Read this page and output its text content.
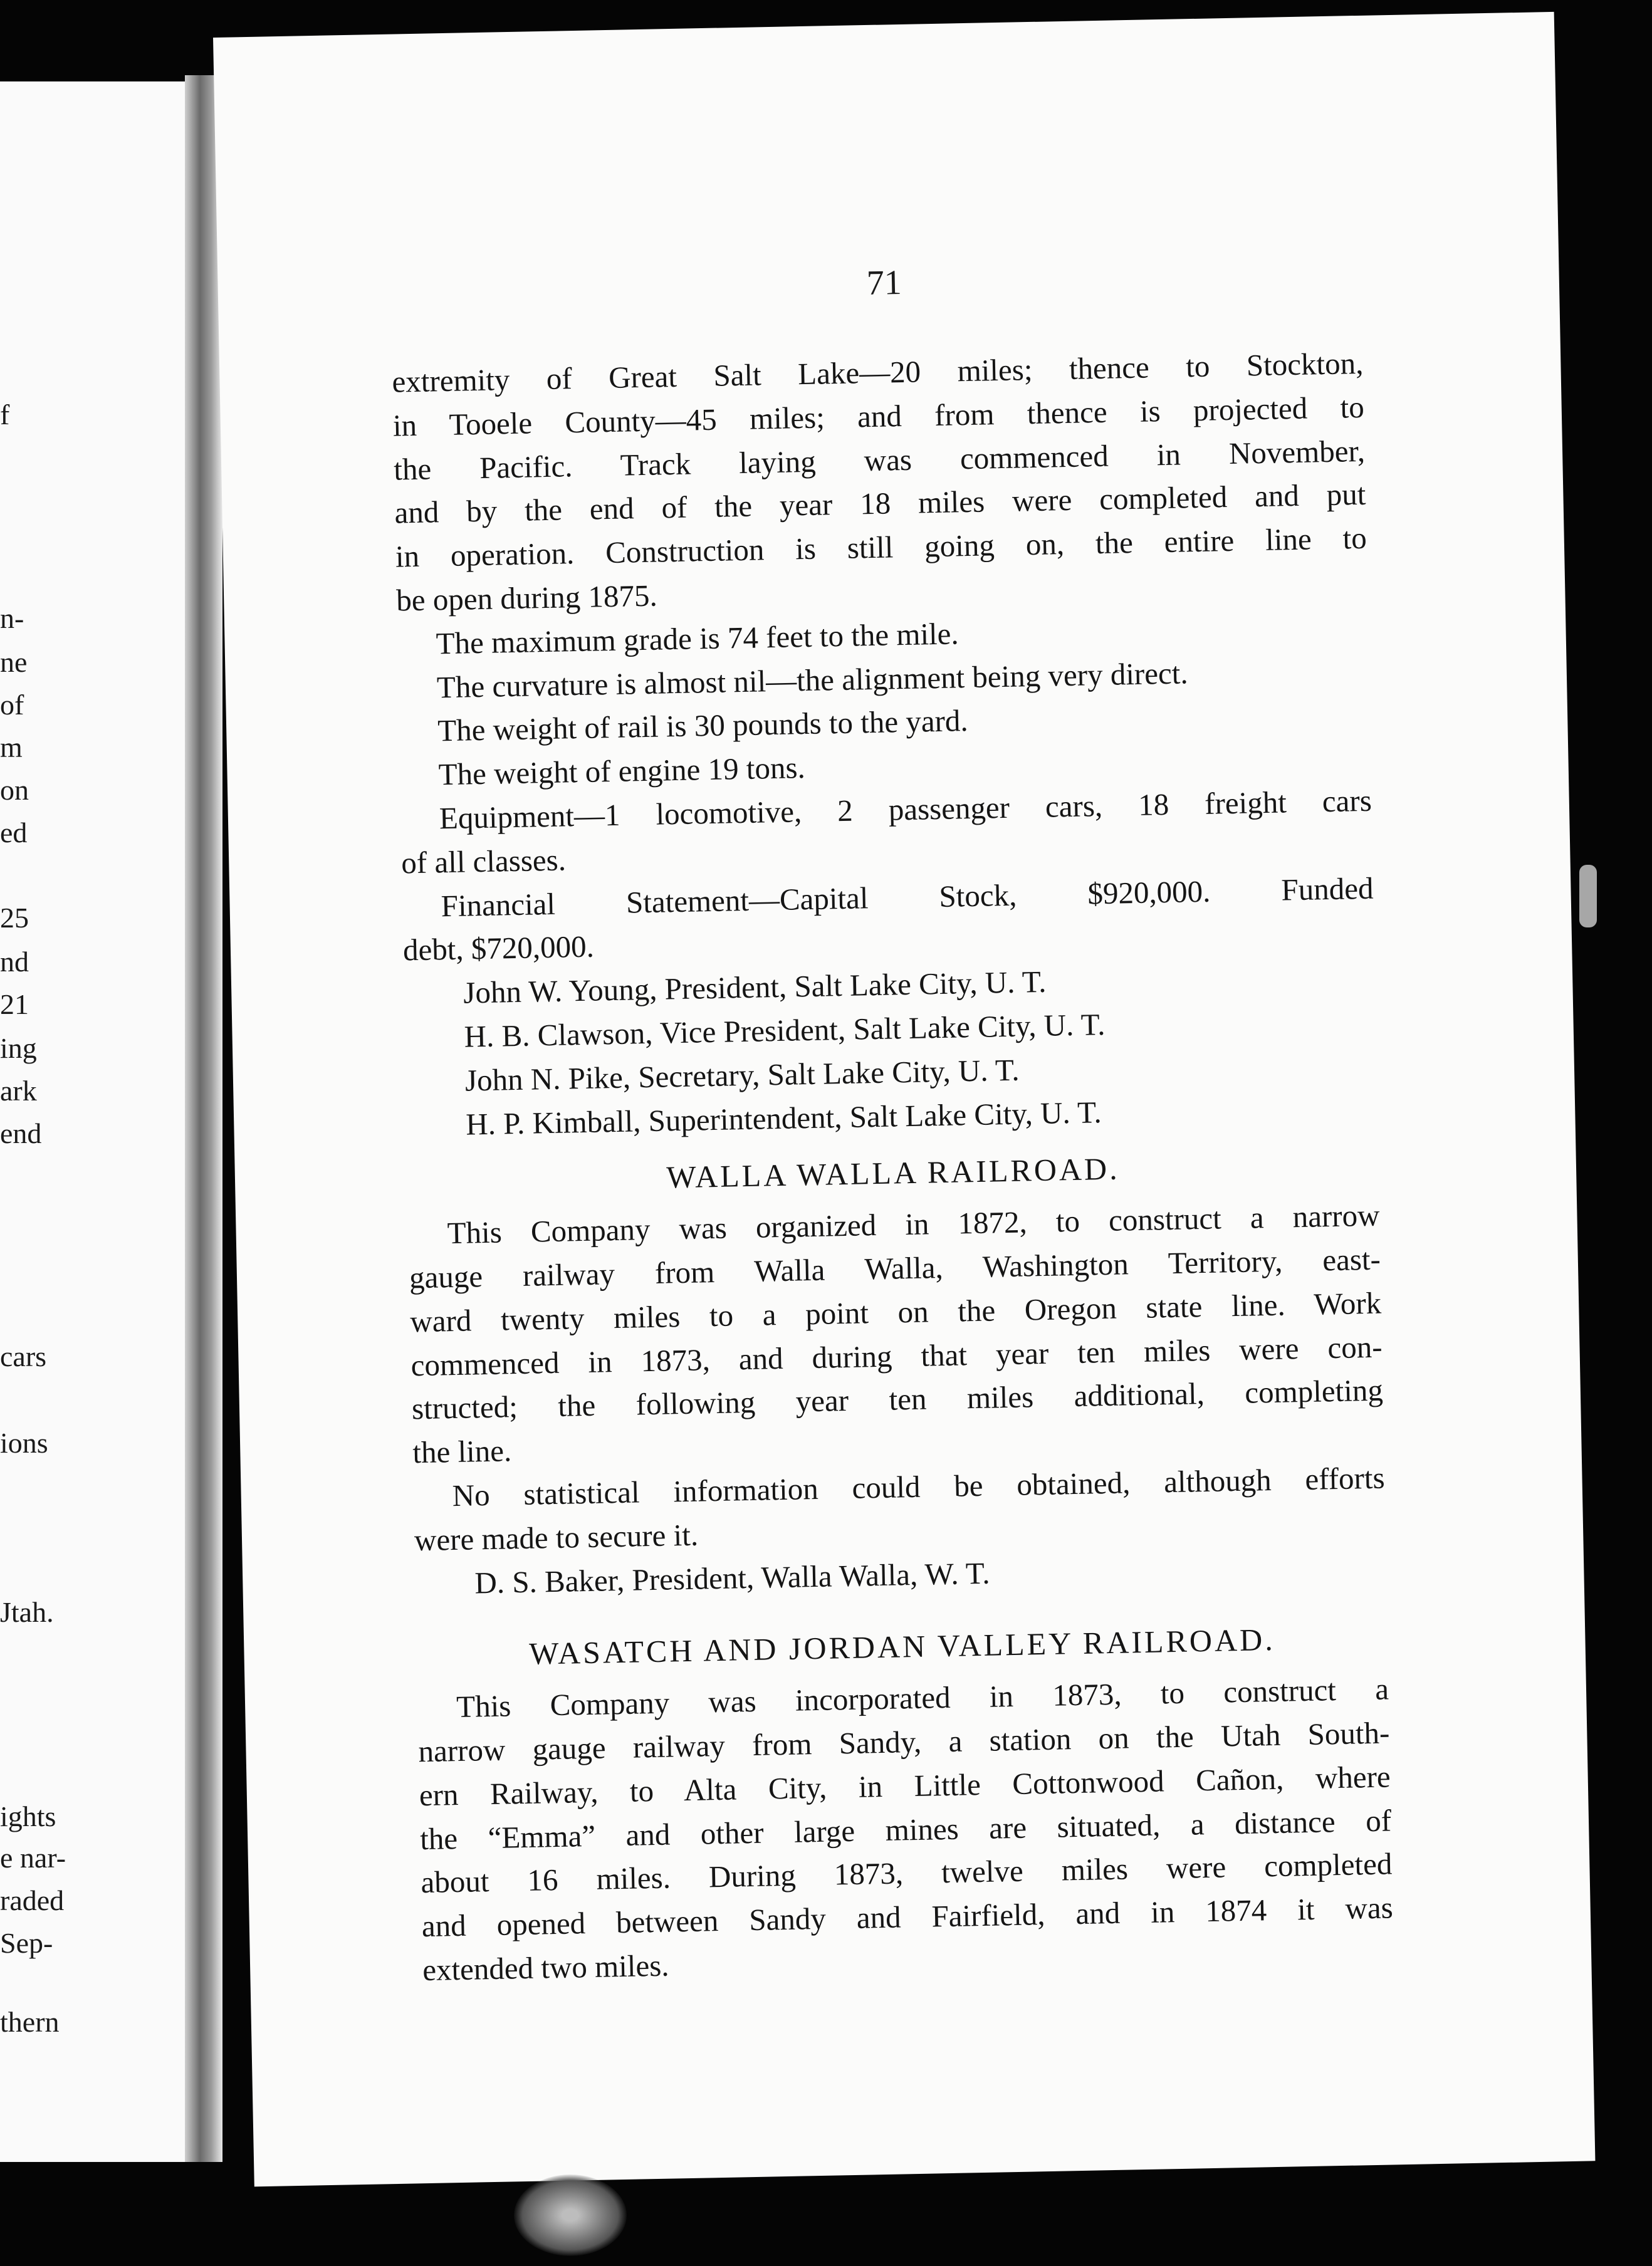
f
n-
ne
of
m
on
ed
25
nd
21
ing
ark
end
cars
ions
Jtah.
ights
e nar-
raded
Sep-
thern
71
extremity of Great Salt Lake—20 miles; thence to Stockton,
in Tooele County—45 miles; and from thence is projected to
the Pacific. Track laying was commenced in November,
and by the end of the year 18 miles were completed and put
in operation. Construction is still going on, the entire line to
be open during 1875.
The maximum grade is 74 feet to the mile.
The curvature is almost nil—the alignment being very direct.
The weight of rail is 30 pounds to the yard.
The weight of engine 19 tons.
Equipment—1 locomotive, 2 passenger cars, 18 freight cars
of all classes.
Financial Statement—Capital Stock, $920,000. Funded
debt, $720,000.
John W. Young, President, Salt Lake City, U. T.
H. B. Clawson, Vice President, Salt Lake City, U. T.
John N. Pike, Secretary, Salt Lake City, U. T.
H. P. Kimball, Superintendent, Salt Lake City, U. T.
WALLA WALLA RAILROAD.
This Company was organized in 1872, to construct a narrow
gauge railway from Walla Walla, Washington Territory, east-
ward twenty miles to a point on the Oregon state line. Work
commenced in 1873, and during that year ten miles were con-
structed; the following year ten miles additional, completing
the line.
No statistical information could be obtained, although efforts
were made to secure it.
D. S. Baker, President, Walla Walla, W. T.
WASATCH AND JORDAN VALLEY RAILROAD.
This Company was incorporated in 1873, to construct a
narrow gauge railway from Sandy, a station on the Utah South-
ern Railway, to Alta City, in Little Cottonwood Cañon, where
the “Emma” and other large mines are situated, a distance of
about 16 miles. During 1873, twelve miles were completed
and opened between Sandy and Fairfield, and in 1874 it was
extended two miles.
